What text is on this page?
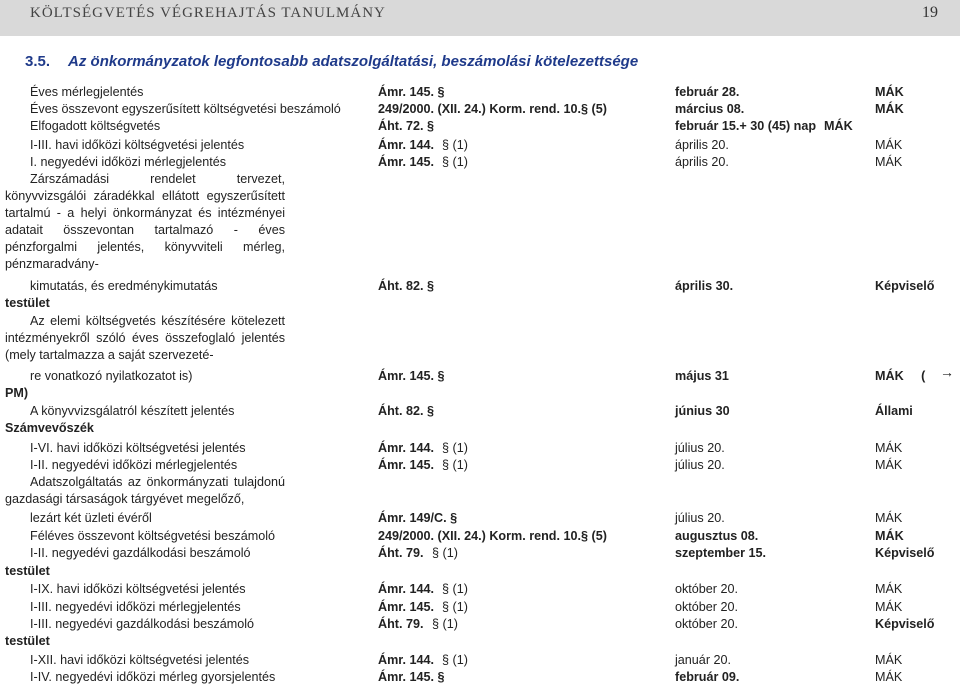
KÖLTSÉGVETÉS VÉGREHAJTÁS TANULMÁNY	19
3.5. Az önkormányzatok legfontosabb adatszolgáltatási, beszámolási kötelezettsége
Éves mérlegjelentés	Ámr. 145. §	február 28.	MÁK
Éves összevont egyszerűsített költségvetési beszámoló	249/2000. (XII. 24.) Korm. rend. 10.§ (5)	március 08.	MÁK
Elfogadott költségvetés	Áht. 72. §	február 15.+ 30 (45) nap MÁK
I-III. havi időközi költségvetési jelentés	Ámr. 144. § (1)	április 20.	MÁK
I. negyedévi időközi mérlegjelentés	Ámr. 145. § (1)	április 20.	MÁK
Zárszámadási rendelet tervezet,
könyvvizsgálói záradékkal ellátott egyszerűsített
tartalmú - a helyi önkormányzat és intézményei
adatait összevontan tartalmazó - éves
pénzforgalmi jelentés, könyvviteli mérleg,
pénzmaradvány-
kimutatás, és eredménykimutatás	Áht. 82. §	április 30.	Képviselő
testület
Az elemi költségvetés készítésére kötelezett
intézményekről szóló éves összefoglaló jelentés
(mely tartalmazza a saját szervezeté-
re vonatkozó nyilatkozatot is)	Ámr. 145. §	május 31	MÁK ( →
PM)
A könyvvizsgálatról készített jelentés	Áht. 82. §	június 30	Állami
Számvevőszék
I-VI. havi időközi költségvetési jelentés	Ámr. 144. § (1)	július 20.	MÁK
I-II. negyedévi időközi mérlegjelentés	Ámr. 145. § (1)	július 20.	MÁK
Adatszolgáltatás az önkormányzati tulajdonú
gazdasági társaságok tárgyévet megelőző,
lezárt két üzleti évéről	Ámr. 149/C. §	július 20.	MÁK
Féléves összevont költségvetési beszámoló	249/2000. (XII. 24.) Korm. rend. 10.§ (5)	augusztus 08.	MÁK
I-II. negyedévi gazdálkodási beszámoló	Áht. 79. § (1)	szeptember 15.	Képviselő
testület
I-IX. havi időközi költségvetési jelentés	Ámr. 144. § (1)	október 20.	MÁK
I-III. negyedévi időközi mérlegjelentés	Ámr. 145. § (1)	október 20.	MÁK
I-III. negyedévi gazdálkodási beszámoló	Áht. 79. § (1)	október 20.	Képviselő
testület
I-XII. havi időközi költségvetési jelentés	Ámr. 144. § (1)	január 20.	MÁK
I-IV. negyedévi időközi mérleg gyorsjelentés	Ámr. 145. §	február 09.	MÁK
